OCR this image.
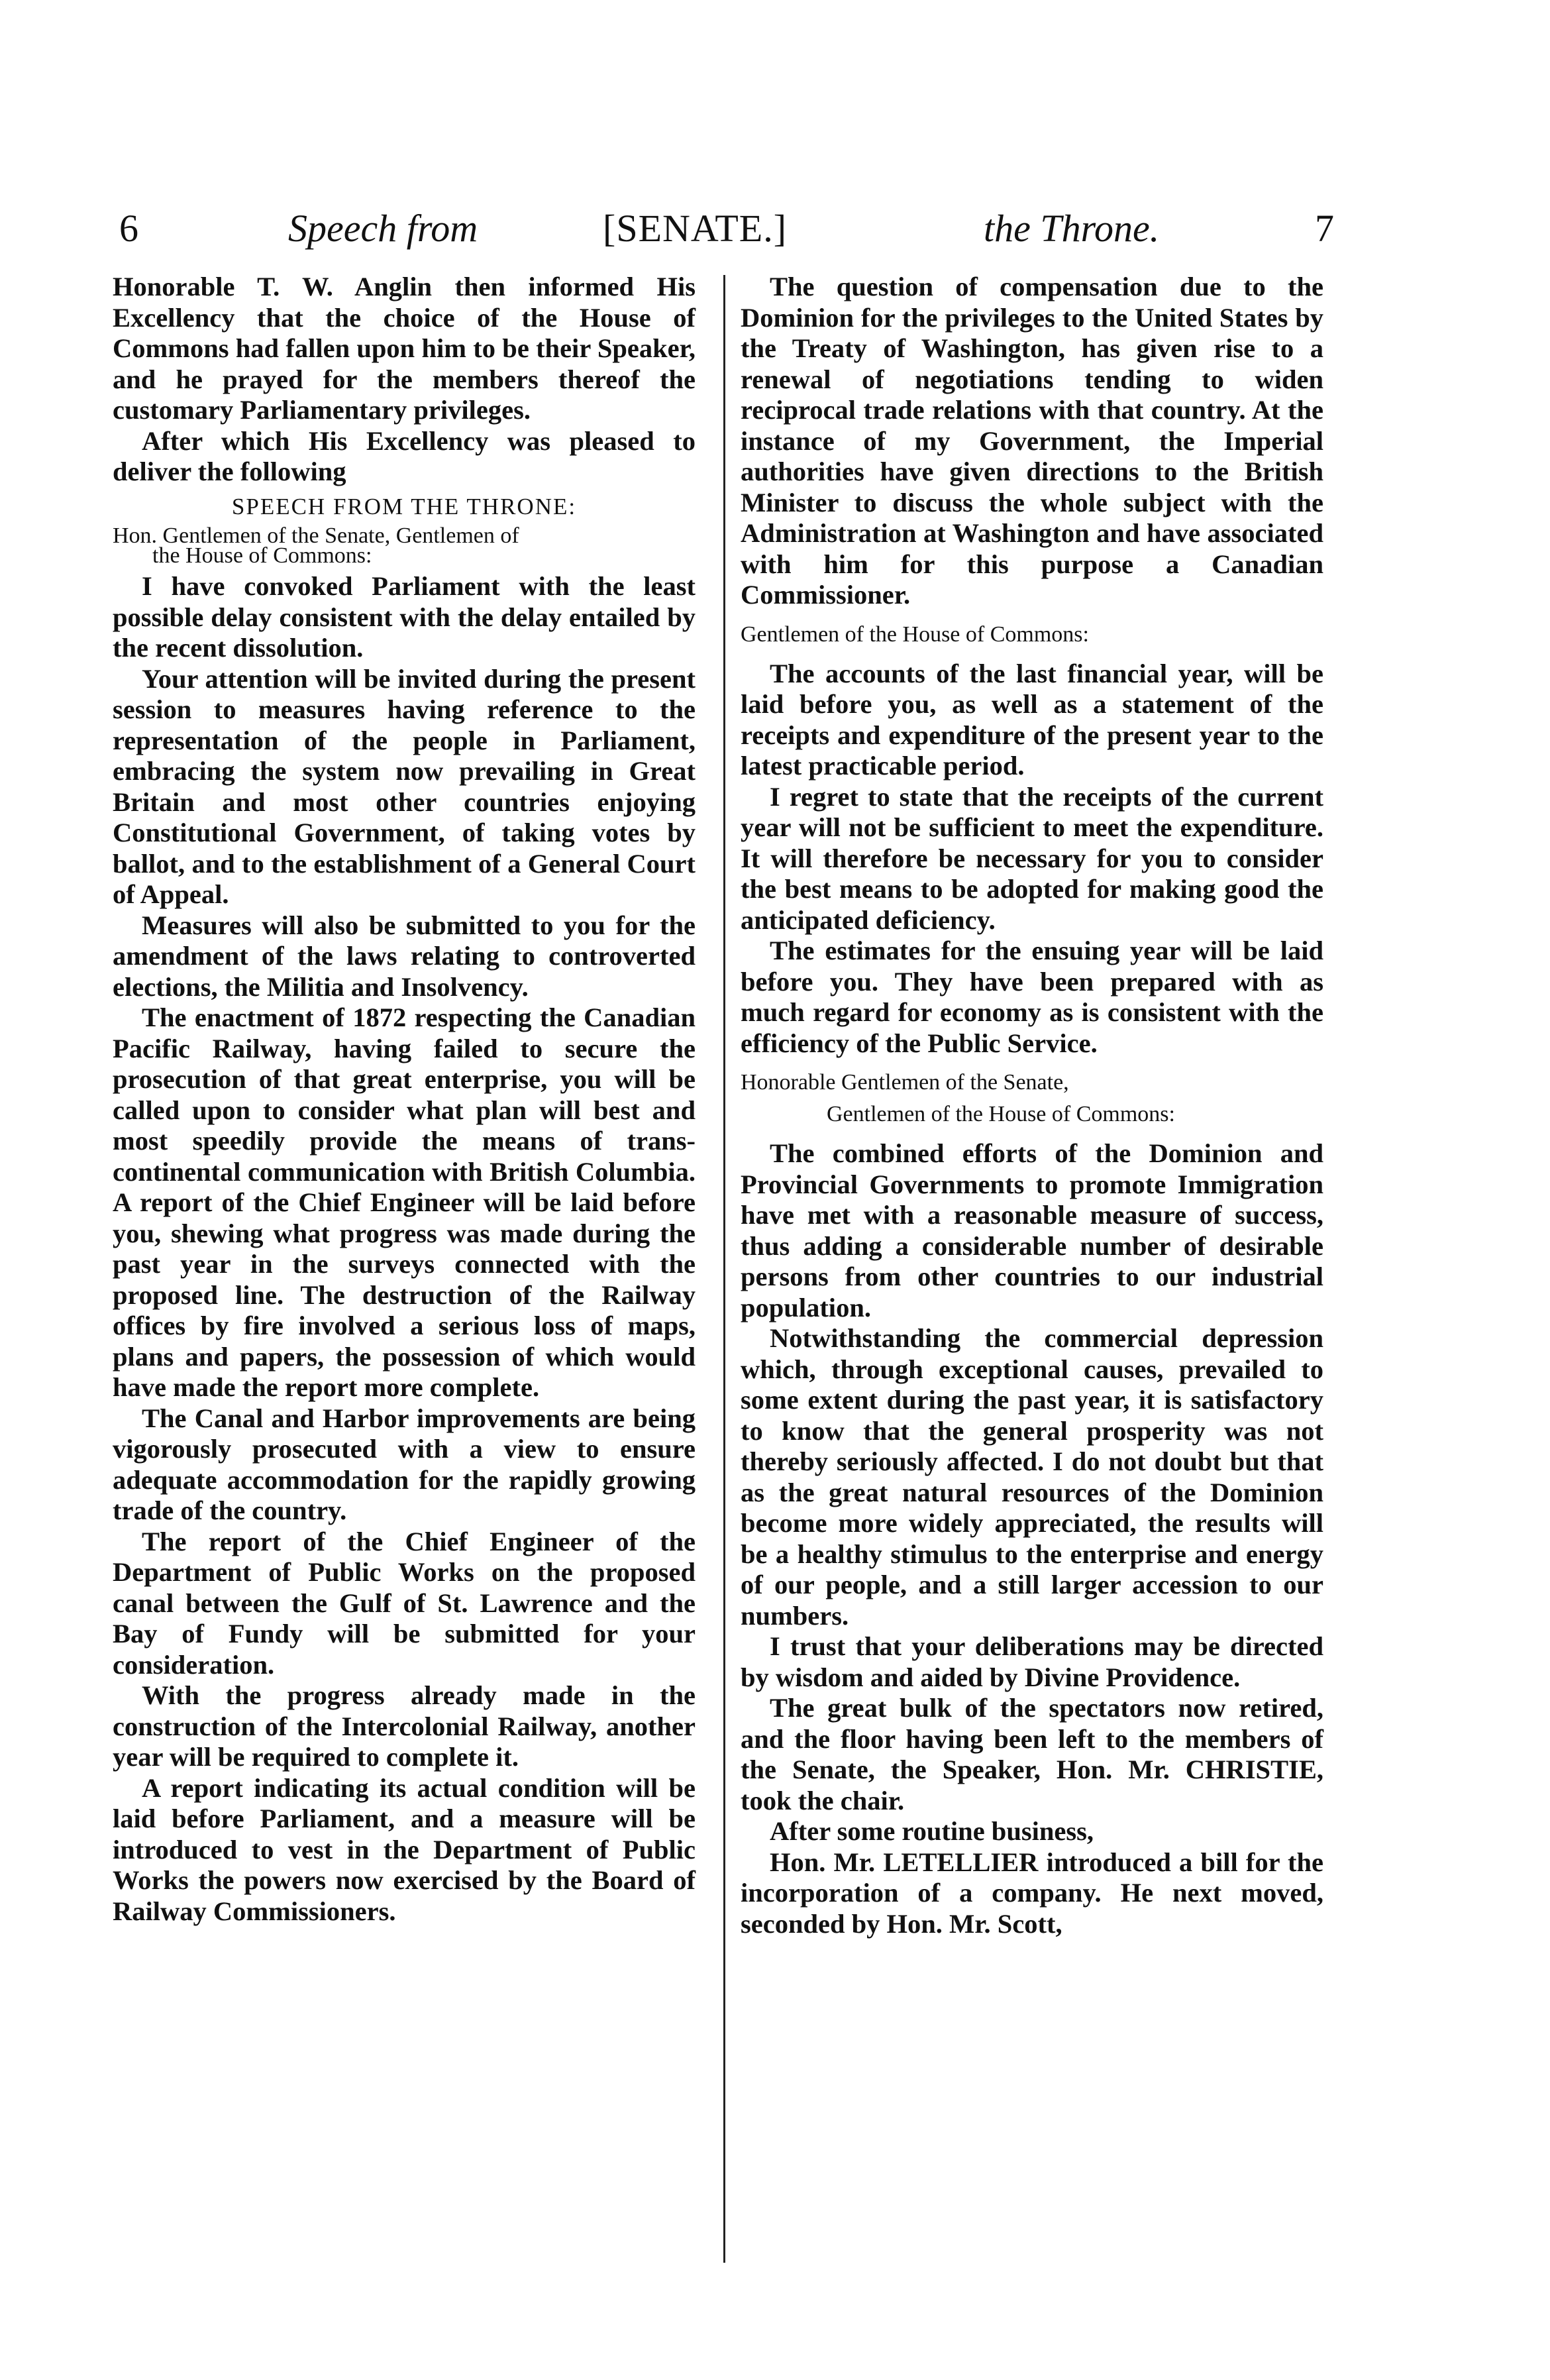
6	Speech from	[SENATE.]	the Throne.	7

Honorable T. W. Anglin then informed His Excellency that the choice of the House of Commons had fallen upon him to be their Speaker, and he prayed for the members thereof the customary Parliamentary privileges.

After which His Excellency was pleased to deliver the following

SPEECH FROM THE THRONE:
Hon. Gentlemen of the Senate, Gentlemen of
the House of Commons:

I have convoked Parliament with the least possible delay consistent with the delay entailed by the recent dissolution.

Your attention will be invited during the present session to measures having reference to the representation of the people in Parliament, embracing the system now prevailing in Great Britain and most other countries enjoying Constitutional Government, of taking votes by ballot, and to the establishment of a General Court of Appeal.

Measures will also be submitted to you for the amendment of the laws relating to controverted elections, the Militia and Insolvency.

The enactment of 1872 respecting the Canadian Pacific Railway, having failed to secure the prosecution of that great enterprise, you will be called upon to consider what plan will best and most speedily provide the means of trans-continental communication with British Columbia. A report of the Chief Engineer will be laid before you, shewing what progress was made during the past year in the surveys connected with the proposed line. The destruction of the Railway offices by fire involved a serious loss of maps, plans and papers, the possession of which would have made the report more complete.

The Canal and Harbor improvements are being vigorously prosecuted with a view to ensure adequate accommodation for the rapidly growing trade of the country.

The report of the Chief Engineer of the Department of Public Works on the proposed canal between the Gulf of St. Lawrence and the Bay of Fundy will be submitted for your consideration.

With the progress already made in the construction of the Intercolonial Railway, another year will be required to complete it.

A report indicating its actual condition will be laid before Parliament, and a measure will be introduced to vest in the Department of Public Works the powers now exercised by the Board of Railway Commissioners.

The question of compensation due to the Dominion for the privileges to the United States by the Treaty of Washington, has given rise to a renewal of negotiations tending to widen reciprocal trade relations with that country. At the instance of my Government, the Imperial authorities have given directions to the British Minister to discuss the whole subject with the Administration at Washington and have associated with him for this purpose a Canadian Commissioner.

Gentlemen of the House of Commons:

The accounts of the last financial year, will be laid before you, as well as a statement of the receipts and expenditure of the present year to the latest practicable period.

I regret to state that the receipts of the current year will not be sufficient to meet the expenditure. It will therefore be necessary for you to consider the best means to be adopted for making good the anticipated deficiency.

The estimates for the ensuing year will be laid before you. They have been prepared with as much regard for economy as is consistent with the efficiency of the Public Service.

Honorable Gentlemen of the Senate,
Gentlemen of the House of Commons:

The combined efforts of the Dominion and Provincial Governments to promote Immigration have met with a reasonable measure of success, thus adding a considerable number of desirable persons from other countries to our industrial population.

Notwithstanding the commercial depression which, through exceptional causes, prevailed to some extent during the past year, it is satisfactory to know that the general prosperity was not thereby seriously affected. I do not doubt but that as the great natural resources of the Dominion become more widely appreciated, the results will be a healthy stimulus to the enterprise and energy of our people, and a still larger accession to our numbers.

I trust that your deliberations may be directed by wisdom and aided by Divine Providence.

The great bulk of the spectators now retired, and the floor having been left to the members of the Senate, the Speaker, Hon. Mr. CHRISTIE, took the chair.

After some routine business,

Hon. Mr. LETELLIER introduced a bill for the incorporation of a company. He next moved, seconded by Hon. Mr. Scott,
